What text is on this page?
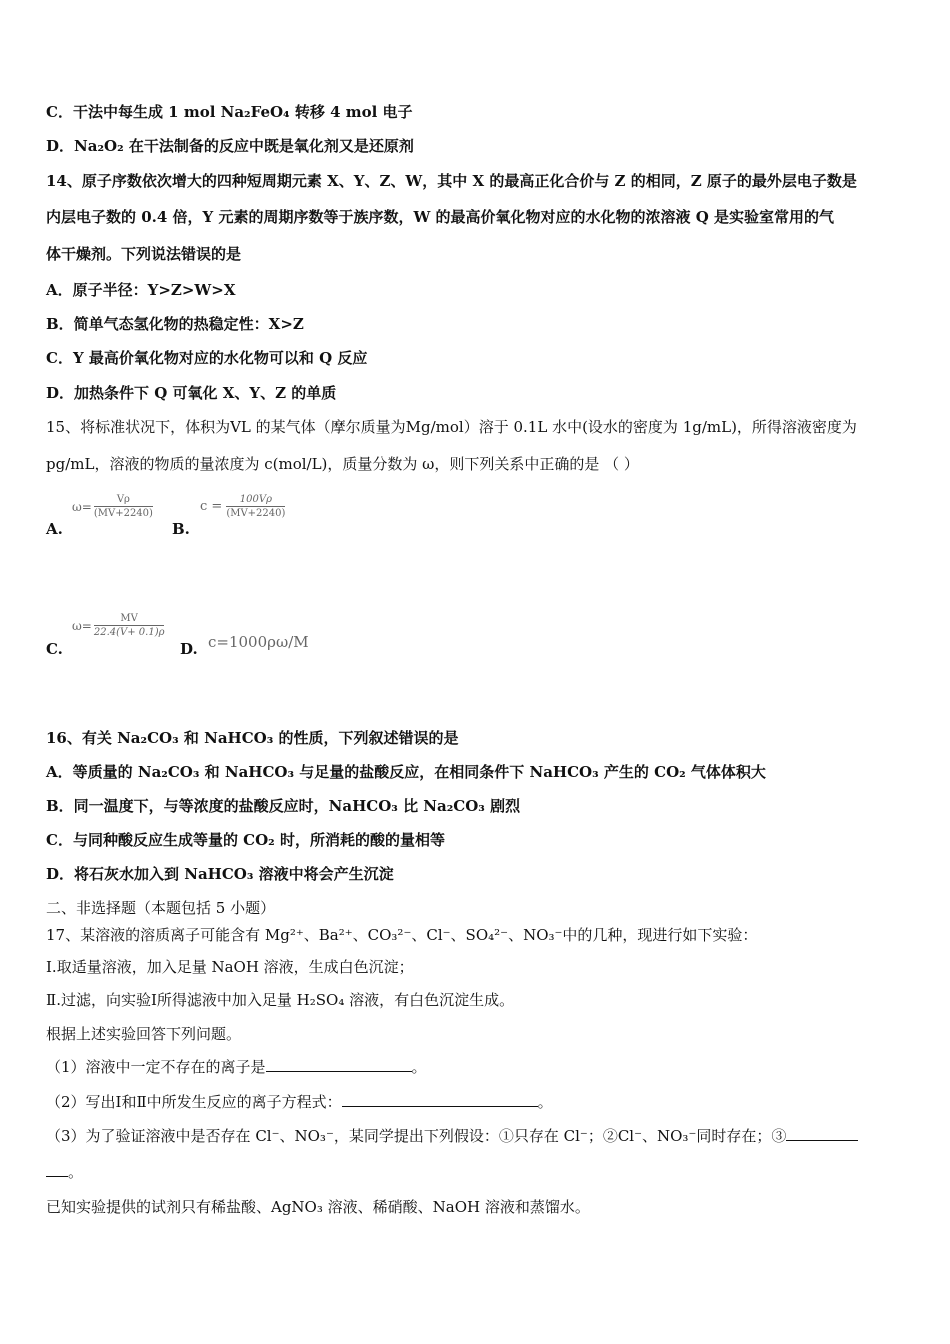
C．干法中每生成 1 mol Na₂FeO₄ 转移 4 mol 电子
D．Na₂O₂ 在干法制备的反应中既是氧化剂又是还原剂
14、原子序数依次增大的四种短周期元素 X、Y、Z、W，其中 X 的最高正化合价与 Z 的相同，Z 原子的最外层电子数是
内层电子数的 0.4 倍，Y 元素的周期序数等于族序数，W 的最高价氧化物对应的水化物的浓溶液 Q 是实验室常用的气
体干燥剂。下列说法错误的是
A．原子半径：Y>Z>W>X
B．简单气态氢化物的热稳定性：X>Z
C．Y 最高价氧化物对应的水化物可以和 Q 反应
D．加热条件下 Q 可氧化 X、Y、Z 的单质
15、将标准状况下，体积为VL 的某气体（摩尔质量为Mg/mol）溶于 0.1L 水中(设水的密度为 1g/mL)，所得溶液密度为
pg/mL，溶液的物质的量浓度为 c(mol/L)，质量分数为 ω，则下列关系中正确的是 （ ）
$\omega= \frac{V\rho}{(MV+2240)}$
A.
$c = \frac{100V\rho}{(MV+2240)}$
B.
$\omega= \frac{MV}{22.4(V+ 0.1)\rho}$
C.	c=1000ρω/M
D.
16、有关 Na₂CO₃ 和 NaHCO₃ 的性质，下列叙述错误的是
A．等质量的 Na₂CO₃ 和 NaHCO₃ 与足量的盐酸反应，在相同条件下 NaHCO₃ 产生的 CO₂ 气体体积大
B．同一温度下，与等浓度的盐酸反应时，NaHCO₃ 比 Na₂CO₃ 剧烈
C．与同种酸反应生成等量的 CO₂ 时，所消耗的酸的量相等
D．将石灰水加入到 NaHCO₃ 溶液中将会产生沉淀
二、非选择题（本题包括 5 小题）
17、某溶液的溶质离子可能含有 Mg²⁺、Ba²⁺、CO₃²⁻、Cl⁻、SO₄²⁻、NO₃⁻中的几种，现进行如下实验：
Ⅰ.取适量溶液，加入足量 NaOH 溶液，生成白色沉淀；
Ⅱ.过滤，向实验Ⅰ所得滤液中加入足量 H₂SO₄ 溶液，有白色沉淀生成。
根据上述实验回答下列问题。
（1）溶液中一定不存在的离子是	。
（2）写出Ⅰ和Ⅱ中所发生反应的离子方程式：	。
（3）为了验证溶液中是否存在 Cl⁻、NO₃⁻，某同学提出下列假设：①只存在 Cl⁻；②Cl⁻、NO₃⁻同时存在；③
。
已知实验提供的试剂只有稀盐酸、AgNO₃ 溶液、稀硝酸、NaOH 溶液和蒸馏水。
